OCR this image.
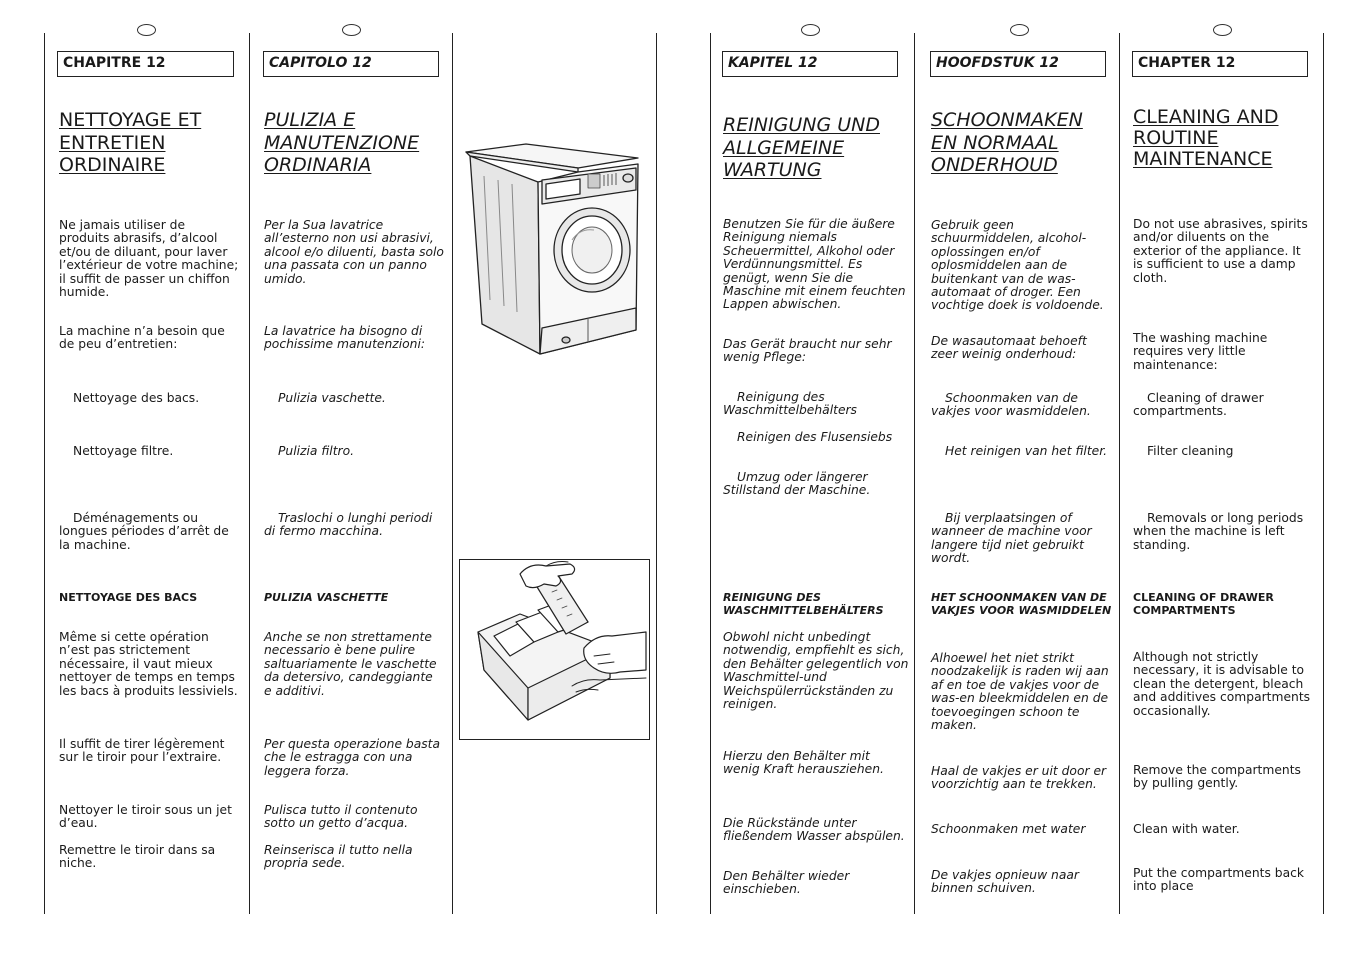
CHAPITRE 12
NETTOYAGE ET ENTRETIEN ORDINAIRE

Ne jamais utiliser de produits abrasifs, d’alcool et/ou de diluant, pour laver l’extérieur de votre machine; il suffit de passer un chiffon humide.

La machine n’a besoin que de peu d’entretien:

Nettoyage des bacs.

Nettoyage filtre.

Déménagements ou longues périodes d’arrêt de la machine.

NETTOYAGE DES BACS

Même si cette opération n’est pas strictement nécessaire, il vaut mieux nettoyer de temps en temps les bacs à produits lessiviels.

Il suffit de tirer légèrement sur le tiroir pour l’extraire.

Nettoyer le tiroir sous un jet d’eau.

Remettre le tiroir dans sa niche.

CAPITOLO 12
PULIZIA E MANUTENZIONE ORDINARIA

Per la Sua lavatrice all’esterno non usi abrasivi, alcool e/o diluenti, basta solo una passata con un panno umido.

La lavatrice ha bisogno di pochissime manutenzioni:

Pulizia vaschette.

Pulizia filtro.

Traslochi o lunghi periodi di fermo macchina.

PULIZIA VASCHETTE

Anche se non strettamente necessario è bene pulire saltuariamente le vaschette da detersivo, candeggiante e additivi.

Per questa operazione basta che le estragga con una leggera forza.

Pulisca tutto il contenuto sotto un getto d’acqua.

Reinserisca il tutto nella propria sede.

KAPITEL 12
REINIGUNG UND ALLGEMEINE WARTUNG

Benutzen Sie für die äußere Reinigung niemals Scheuermittel, Alkohol oder Verdünnungsmittel. Es genügt, wenn Sie die Maschine mit einem feuchten Lappen abwischen.

Das Gerät braucht nur sehr wenig Pflege:

Reinigung des Waschmittelbehälters

Reinigen des Flusensiebs

Umzug oder längerer Stillstand der Maschine.

REINIGUNG DES WASCHMITTELBEHÄLTERS

Obwohl nicht unbedingt notwendig, empfiehlt es sich, den Behälter gelegentlich von Waschmittel-und Weichspülerrückständen zu reinigen.

Hierzu den Behälter mit wenig Kraft herausziehen.

Die Rückstände unter fließendem Wasser abspülen.

Den Behälter wieder einschieben.

HOOFDSTUK 12
SCHOONMAKEN EN NORMAAL ONDERHOUD

Gebruik geen schuurmiddelen, alcohol-oplossingen en/of oplosmiddelen aan de buitenkant van de was-automaat of droger. Een vochtige doek is voldoende.

De wasautomaat behoeft zeer weinig onderhoud:

Schoonmaken van de vakjes voor wasmiddelen.

Het reinigen van het filter.

Bij verplaatsingen of wanneer de machine voor langere tijd niet gebruikt wordt.

HET SCHOONMAKEN VAN DE VAKJES VOOR WASMIDDELEN

Alhoewel het niet strikt noodzakelijk is raden wij aan af en toe de vakjes voor de was-en bleekmiddelen en de toevoegingen schoon te maken.

Haal de vakjes er uit door er voorzichtig aan te trekken.

Schoonmaken met water

De vakjes opnieuw naar binnen schuiven.

CHAPTER 12
CLEANING AND ROUTINE MAINTENANCE

Do not use abrasives, spirits and/or diluents on the exterior of the appliance. It is sufficient to use a damp cloth.

The washing machine requires very little maintenance:

Cleaning of drawer compartments.

Filter cleaning

Removals or long periods when the machine is left standing.

CLEANING OF DRAWER COMPARTMENTS

Although not strictly necessary, it is advisable to clean the detergent, bleach and additives compartments occasionally.

Remove the compartments by pulling gently.

Clean with water.

Put the compartments back into place
